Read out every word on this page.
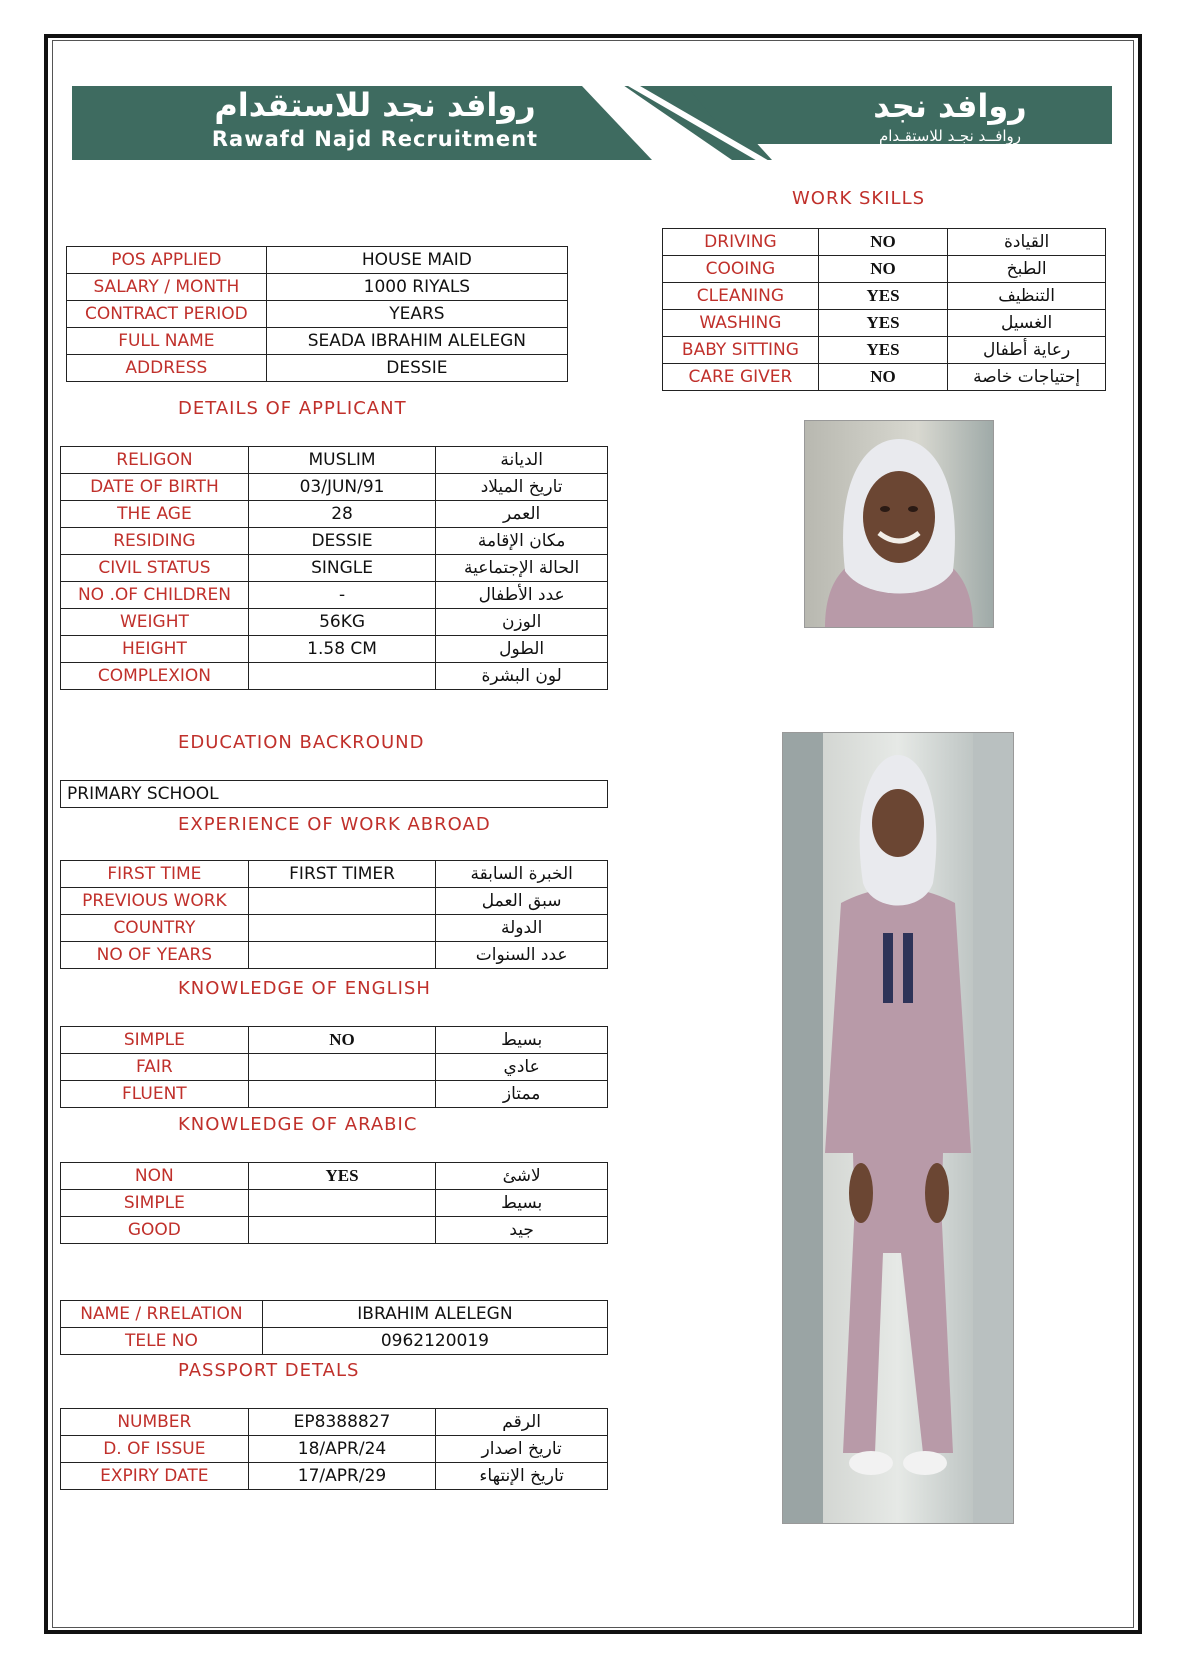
روافد نجد للاستقدام
Rawafd Najd Recruitment
روافد نجد
روافــد نجـد للاستقـدام
WORK SKILLS
DRIVING	NO	القيادة
COOING	NO	الطبخ
CLEANING	YES	التنظيف
WASHING	YES	الغسيل
BABY SITTING	YES	رعاية أطفال
CARE GIVER	NO	إحتياجات خاصة
POS APPLIED	HOUSE MAID
SALARY / MONTH	1000 RIYALS
CONTRACT PERIOD	YEARS
FULL NAME	SEADA IBRAHIM ALELEGN
ADDRESS	DESSIE
DETAILS OF APPLICANT
RELIGON	MUSLIM	الديانة
DATE OF BIRTH	03/JUN/91	تاريخ الميلاد
THE AGE	28	العمر
RESIDING	DESSIE	مكان الإقامة
CIVIL STATUS	SINGLE	الحالة الإجتماعية
NO .OF CHILDREN	-	عدد الأطفال
WEIGHT	56KG	الوزن
HEIGHT	1.58 CM	الطول
COMPLEXION		لون البشرة
EDUCATION BACKROUND
PRIMARY SCHOOL
EXPERIENCE OF WORK ABROAD
FIRST TIME	FIRST TIMER	الخبرة السابقة
PREVIOUS WORK		سبق العمل
COUNTRY		الدولة
NO OF YEARS		عدد السنوات
KNOWLEDGE OF ENGLISH
SIMPLE	NO	بسيط
FAIR		عادي
FLUENT		ممتاز
KNOWLEDGE OF ARABIC
NON	YES	لاشئ
SIMPLE		بسيط
GOOD		جيد
NAME / RRELATION	IBRAHIM ALELEGN
TELE NO	0962120019
PASSPORT DETALS
NUMBER	EP8388827	الرقم
D. OF ISSUE	18/APR/24	تاريخ اصدار
EXPIRY DATE	17/APR/29	تاريخ الإنتهاء
